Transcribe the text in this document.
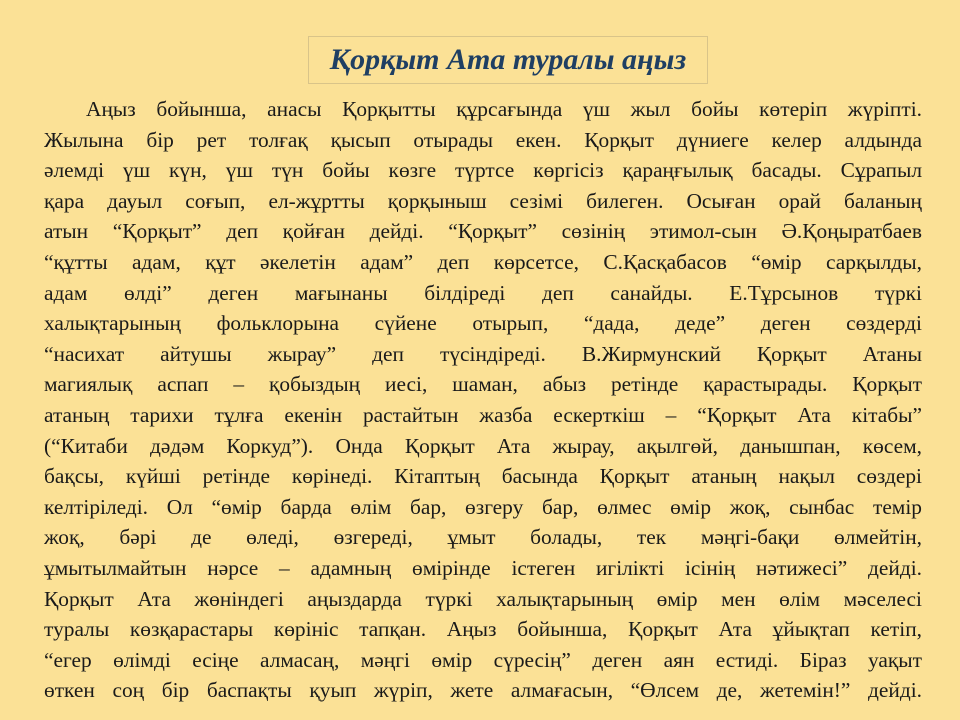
Қорқыт Ата туралы аңыз
Аңыз бойынша, анасы Қорқытты құрсағында үш жыл бойы көтеріп жүріпті.
Жылына бір рет толғақ қысып отырады екен. Қорқыт дүниеге келер алдында
әлемді үш күн, үш түн бойы көзге түртсе көргісіз қараңғылық басады. Сұрапыл
қара дауыл соғып, ел-жұртты қорқыныш сезімі билеген. Осыған орай баланың
атын “Қорқыт” деп қойған дейді. “Қорқыт” сөзінің этимол-сын Ә.Қоңыратбаев
“құтты адам, құт әкелетін адам” деп көрсетсе, С.Қасқабасов “өмір сарқылды,
адам өлді” деген мағынаны білдіреді деп санайды. Е.Тұрсынов түркі
халықтарының фольклорына сүйене отырып, “дада, деде” деген сөздерді
“насихат айтушы жырау” деп түсіндіреді. В.Жирмунский Қорқыт Атаны
магиялық аспап – қобыздың иесі, шаман, абыз ретінде қарастырады. Қорқыт
атаның тарихи тұлға екенін растайтын жазба ескерткіш – “Қорқыт Ата кітабы”
(“Китаби дәдәм Коркуд”). Онда Қорқыт Ата жырау, ақылгөй, данышпан, көсем,
бақсы, күйші ретінде көрінеді. Кітаптың басында Қорқыт атаның нақыл сөздері
келтіріледі. Ол “өмір барда өлім бар, өзгеру бар, өлмес өмір жоқ, сынбас темір
жоқ, бәрі де өледі, өзгереді, ұмыт болады, тек мәңгі-бақи өлмейтін,
ұмытылмайтын нәрсе – адамның өмірінде істеген игілікті ісінің нәтижесі” дейді.
Қорқыт Ата жөніндегі аңыздарда түркі халықтарының өмір мен өлім мәселесі
туралы көзқарастары көрініс тапқан. Аңыз бойынша, Қорқыт Ата ұйықтап кетіп,
“егер өлімді есіңе алмасаң, мәңгі өмір сүресің” деген аян естиді. Біраз уақыт
өткен соң бір баспақты қуып жүріп, жете алмағасын, “Өлсем де, жетемін!” дейді.
